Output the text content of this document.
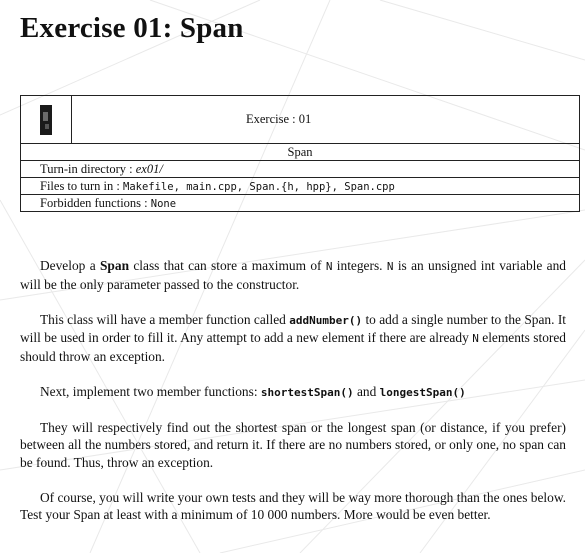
Exercise 01: Span
	Exercise : 01
Span
Turn-in directory : ex01/
Files to turn in : Makefile, main.cpp, Span.{h, hpp}, Span.cpp
Forbidden functions : None

Develop a Span class that can store a maximum of N integers. N is an unsigned int variable and will be the only parameter passed to the constructor.

This class will have a member function called addNumber() to add a single number to the Span. It will be used in order to fill it. Any attempt to add a new element if there are already N elements stored should throw an exception.

Next, implement two member functions: shortestSpan() and longestSpan()

They will respectively find out the shortest span or the longest span (or distance, if you prefer) between all the numbers stored, and return it. If there are no numbers stored, or only one, no span can be found. Thus, throw an exception.

Of course, you will write your own tests and they will be way more thorough than the ones below. Test your Span at least with a minimum of 10 000 numbers. More would be even better.
